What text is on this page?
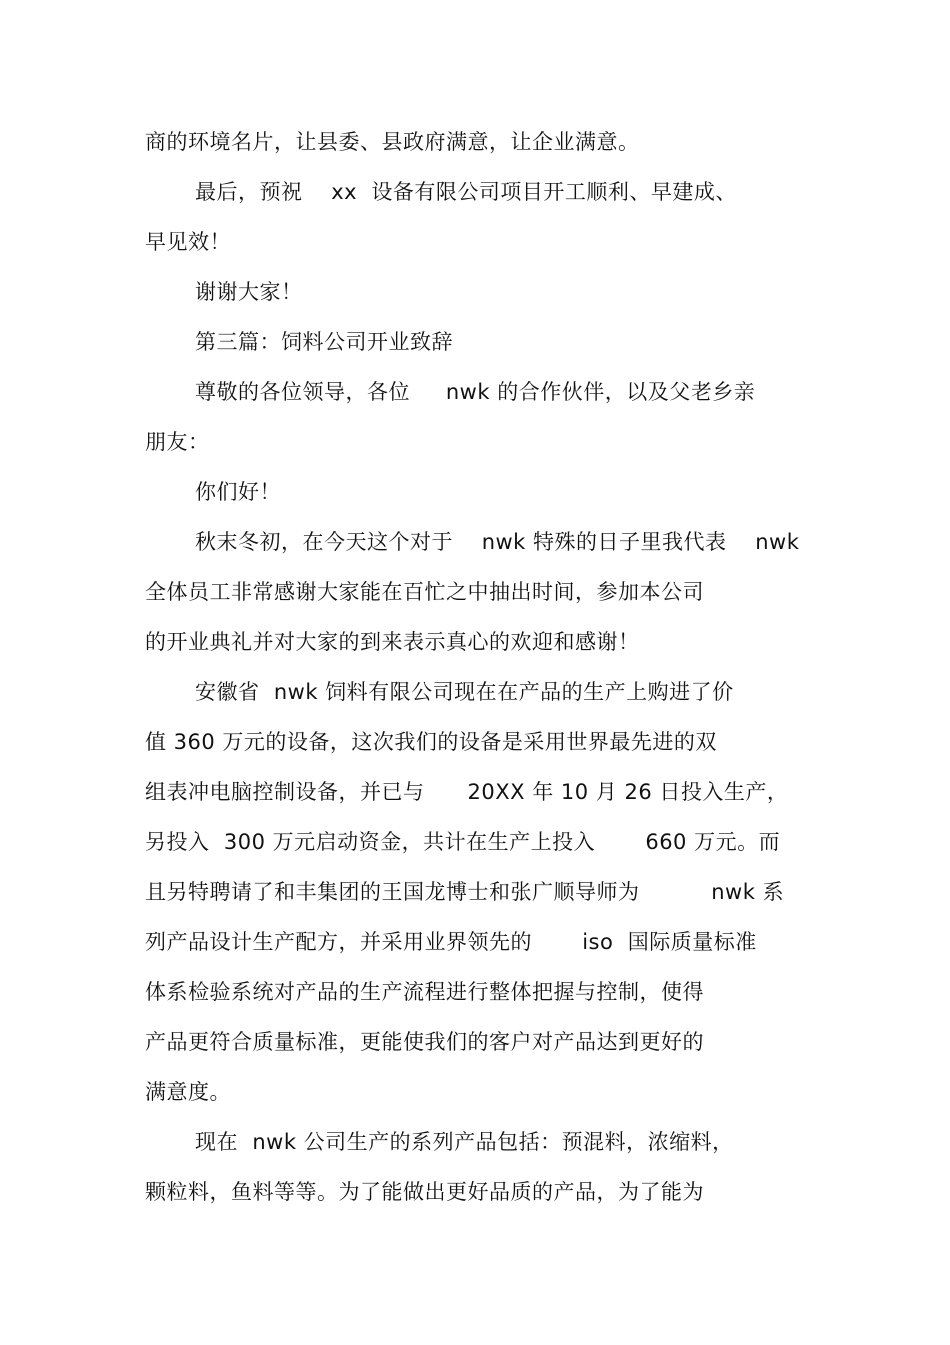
商的环境名片，让县委、县政府满意，让企业满意。
最后，预祝    xx  设备有限公司项目开工顺利、早建成、
早见效！
谢谢大家！
第三篇：饲料公司开业致辞
尊敬的各位领导，各位     nwk 的合作伙伴，以及父老乡亲
朋友：
你们好！
秋末冬初，在今天这个对于    nwk 特殊的日子里我代表    nwk
全体员工非常感谢大家能在百忙之中抽出时间，参加本公司
的开业典礼并对大家的到来表示真心的欢迎和感谢！
安徽省  nwk 饲料有限公司现在在产品的生产上购进了价
值 360 万元的设备，这次我们的设备是采用世界最先进的双
组表冲电脑控制设备，并已与      20XX 年 10 月 26 日投入生产，
另投入  300 万元启动资金，共计在生产上投入       660 万元。而
且另特聘请了和丰集团的王国龙博士和张广顺导师为          nwk 系
列产品设计生产配方，并采用业界领先的       iso  国际质量标准
体系检验系统对产品的生产流程进行整体把握与控制，使得
产品更符合质量标准，更能使我们的客户对产品达到更好的
满意度。
现在  nwk 公司生产的系列产品包括：预混料，浓缩料，
颗粒料，鱼料等等。为了能做出更好品质的产品，为了能为
